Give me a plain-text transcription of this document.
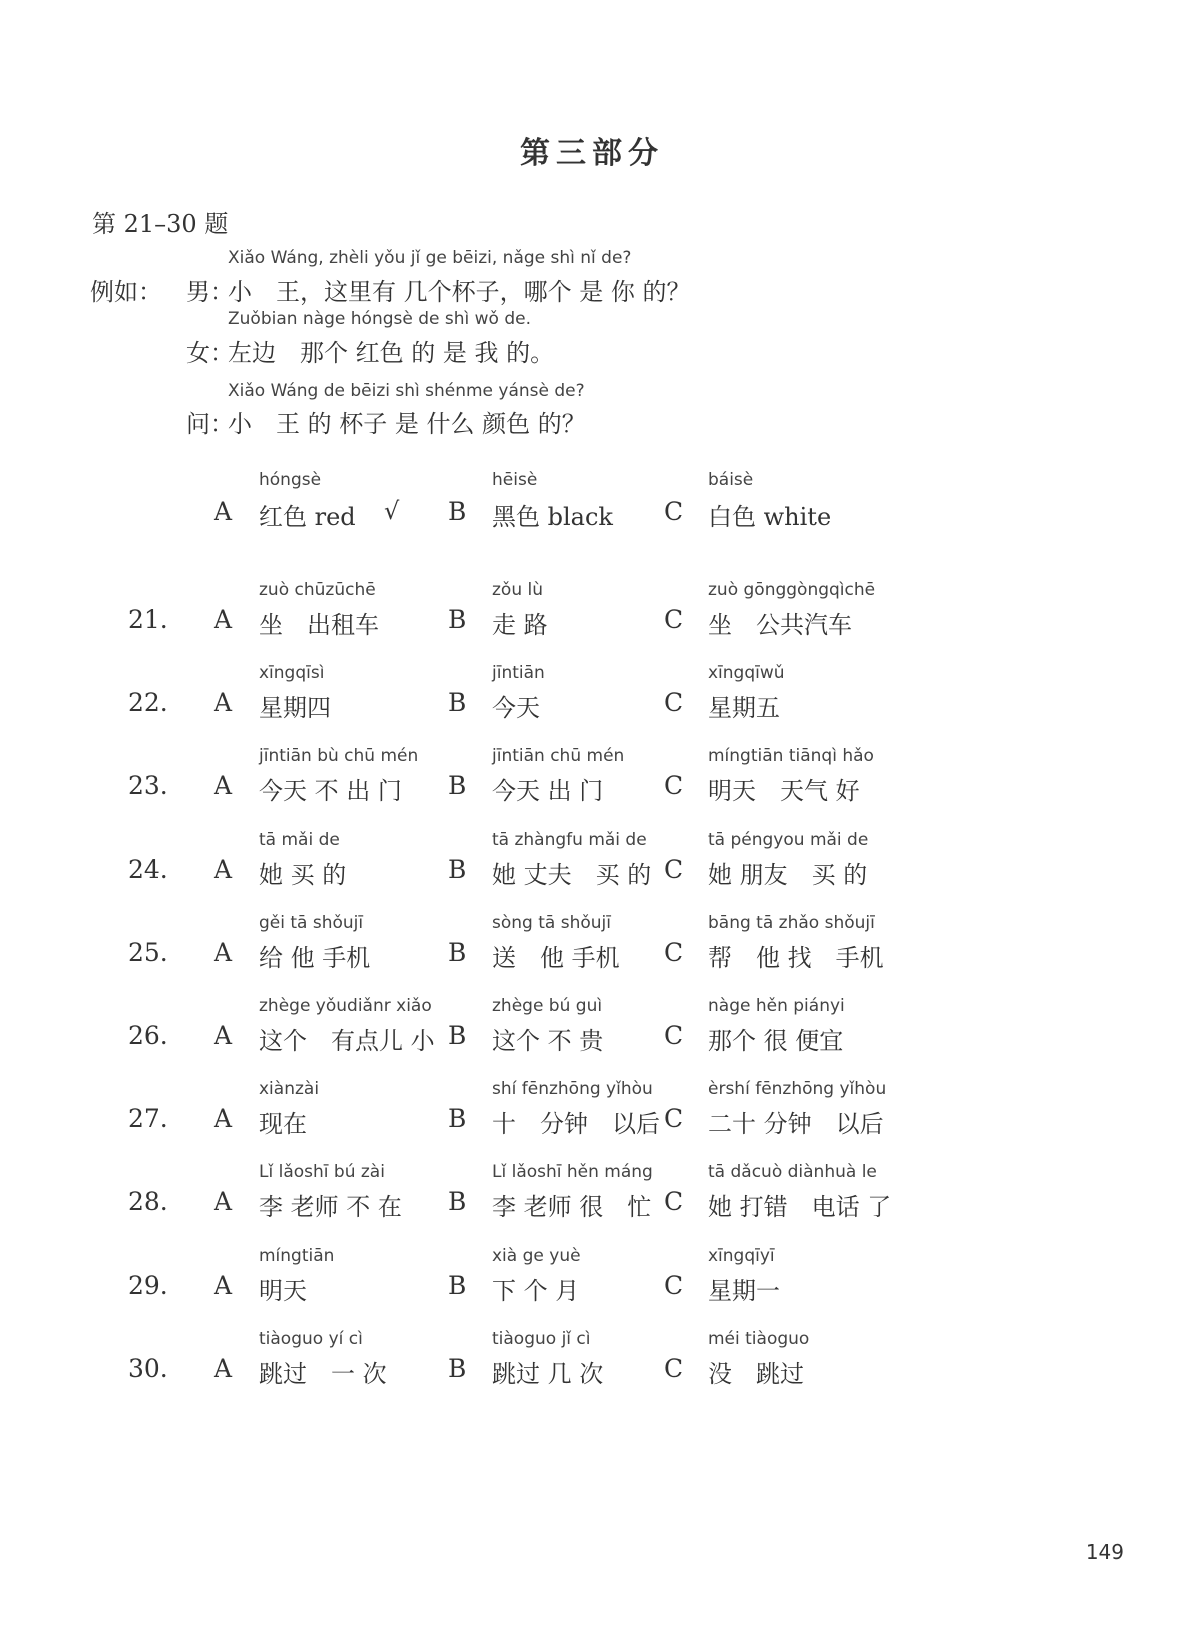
第三部分
第 21–30 题
例如：
Xiǎo Wáng, zhèli yǒu jǐ ge bēizi, nǎge shì nǐ de?
男：
小　王，这里有 几个杯子，哪个 是 你 的？
Zuǒbian nàge hóngsè de shì wǒ de.
女：
左边　那个 红色 的 是 我 的。
Xiǎo Wáng de bēizi shì shénme yánsè de?
问：
小　王 的 杯子 是 什么 颜色 的？
hóngsè
A 红色 red √
hēisè
B 黑色 black
báisè
C 白色 white
21.
zuò chūzūchē
A 坐　出租车
zǒu lù
B 走 路
zuò gōnggòngqìchē
C 坐　公共汽车
22.
xīngqīsì
A 星期四
jīntiān
B 今天
xīngqīwǔ
C 星期五
23.
jīntiān bù chū mén
A 今天 不 出 门
jīntiān chū mén
B 今天 出 门
míngtiān tiānqì hǎo
C 明天　天气 好
24.
tā mǎi de
A 她 买 的
tā zhàngfu mǎi de
B 她 丈夫　买 的
tā péngyou mǎi de
C 她 朋友　买 的
25.
gěi tā shǒujī
A 给 他 手机
sòng tā shǒujī
B 送　他 手机
bāng tā zhǎo shǒujī
C 帮　他 找　手机
26.
zhège yǒudiǎnr xiǎo
A 这个　有点儿 小
zhège bú guì
B 这个 不 贵
nàge hěn piányi
C 那个 很 便宜
27.
xiànzài
A 现在
shí fēnzhōng yǐhòu
B 十　分钟　以后
èrshí fēnzhōng yǐhòu
C 二十 分钟　以后
28.
Lǐ lǎoshī bú zài
A 李 老师 不 在
Lǐ lǎoshī hěn máng
B 李 老师 很　忙
tā dǎcuò diànhuà le
C 她 打错　电话 了
29.
míngtiān
A 明天
xià ge yuè
B 下 个 月
xīngqīyī
C 星期一
30.
tiàoguo yí cì
A 跳过　一 次
tiàoguo jǐ cì
B 跳过 几 次
méi tiàoguo
C 没　跳过
149
